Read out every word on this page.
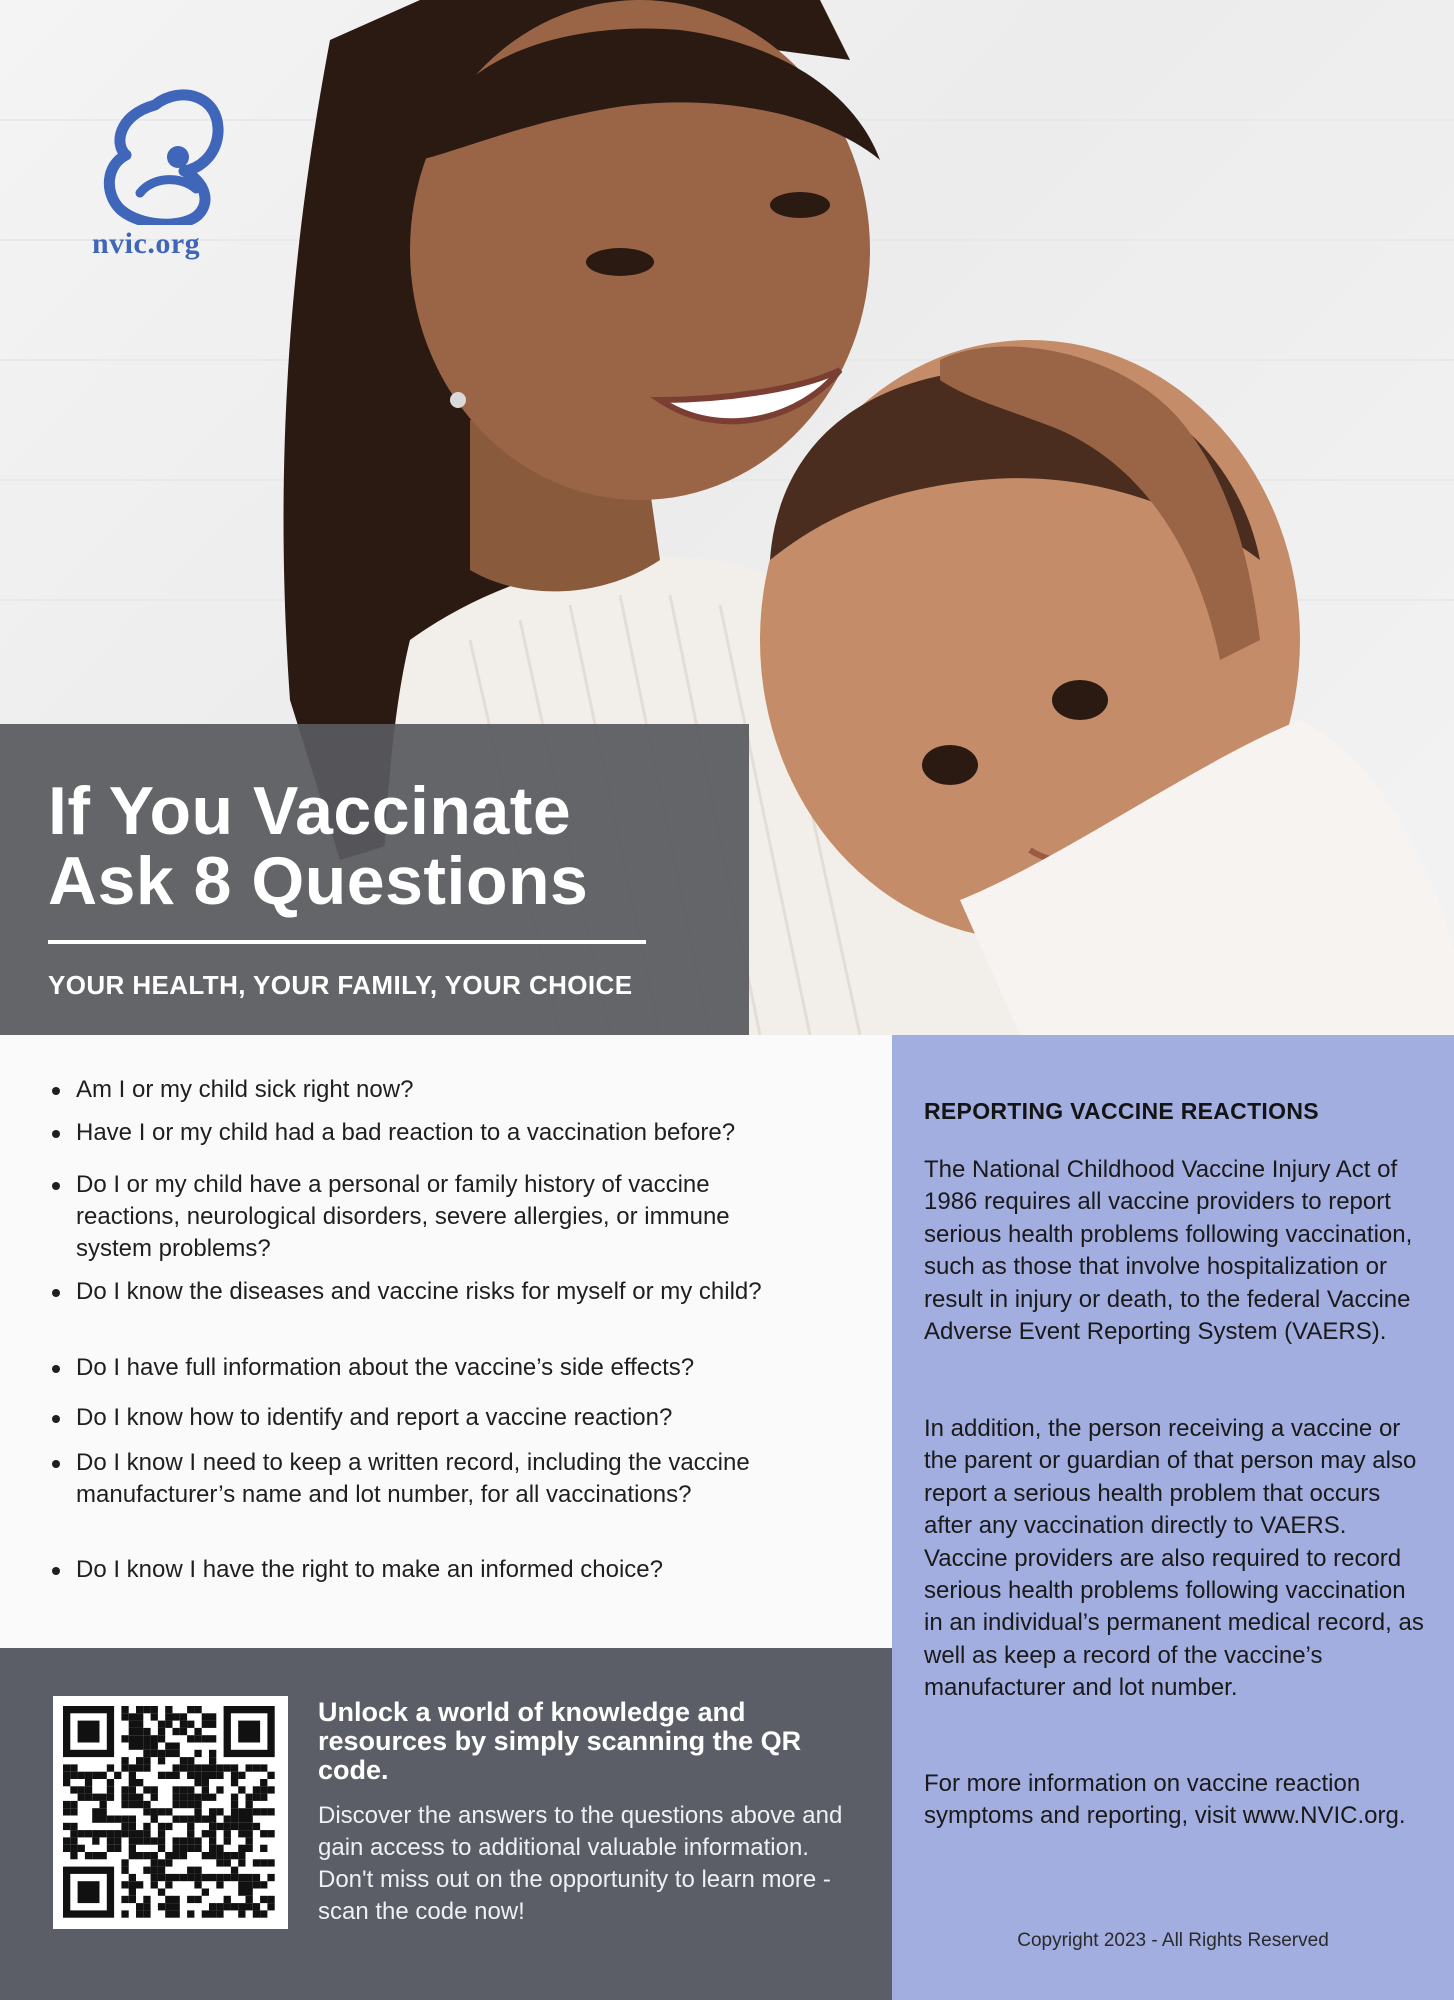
nvic.org
If You Vaccinate
Ask 8 Questions
YOUR HEALTH, YOUR FAMILY, YOUR CHOICE
Am I or my child sick right now?
Have I or my child had a bad reaction to a vaccination before?
Do I or my child have a personal or family history of vaccine reactions, neurological disorders, severe allergies, or immune system problems?
Do I know the diseases and vaccine risks for myself or my child?
Do I have full information about the vaccine’s side effects?
Do I know how to identify and report a vaccine reaction?
Do I know I need to keep a written record, including the vaccine manufacturer’s name and lot number, for all vaccinations?
Do I know I have the right to make an informed choice?
Unlock a world of knowledge and resources by simply scanning the QR code.
Discover the answers to the questions above and gain access to additional valuable information. Don't miss out on the opportunity to learn more - scan the code now!
REPORTING VACCINE REACTIONS

The National Childhood Vaccine Injury Act of 1986 requires all vaccine providers to report serious health problems following vaccination, such as those that involve hospitalization or result in injury or death, to the federal Vaccine Adverse Event Reporting System (VAERS).

In addition, the person receiving a vaccine or the parent or guardian of that person may also report a serious health problem that occurs after any vaccination directly to VAERS. Vaccine providers are also required to record serious health problems following vaccination in an individual’s permanent medical record, as well as keep a record of the vaccine’s manufacturer and lot number.

For more information on vaccine reaction symptoms and reporting, visit www.NVIC.org.

Copyright 2023 - All Rights Reserved
